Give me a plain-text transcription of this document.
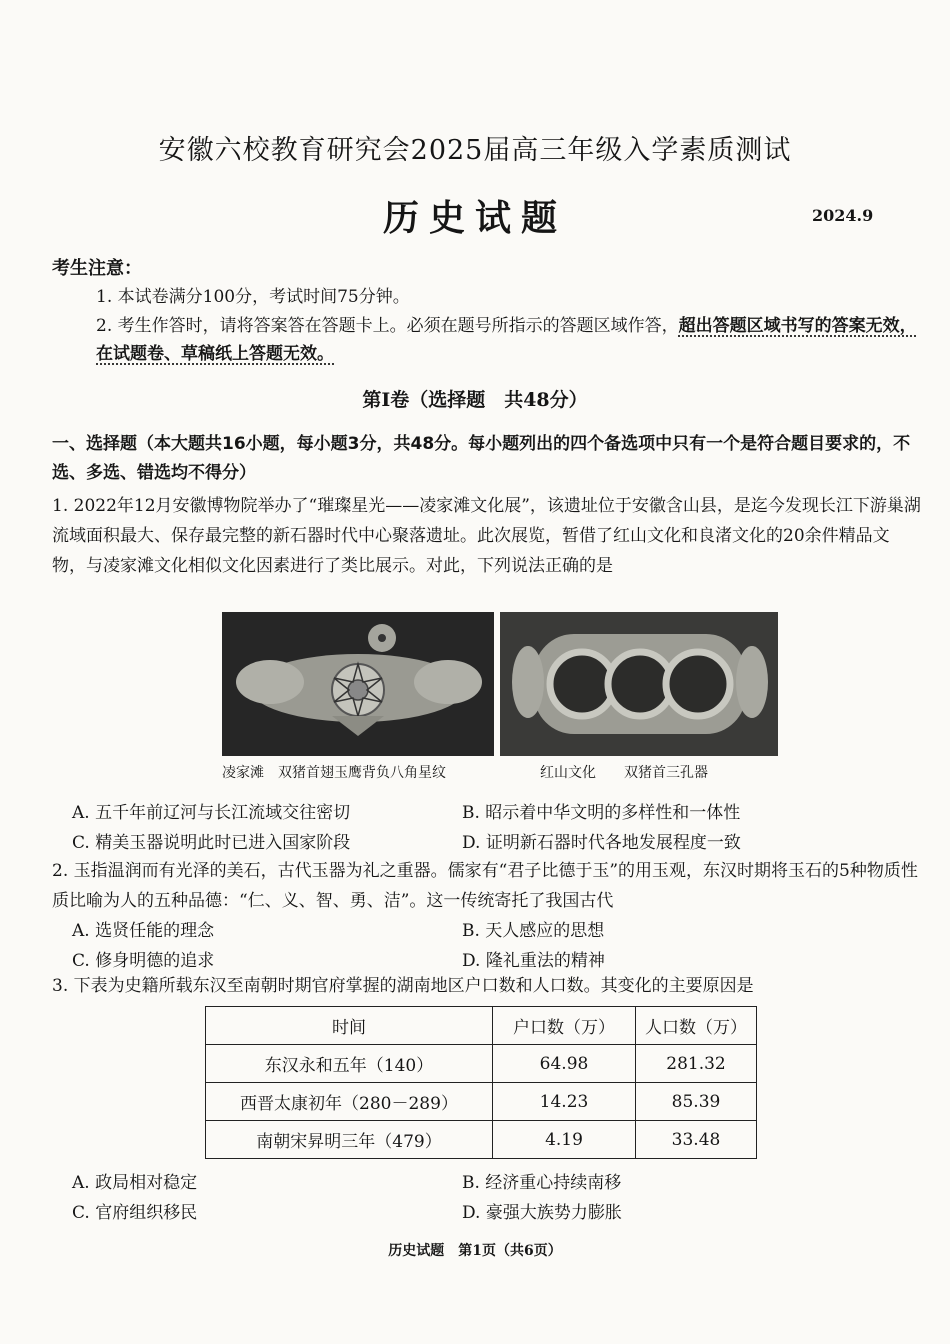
安徽六校教育研究会2025届高三年级入学素质测试
历史试题	2024.9
考生注意：
1. 本试卷满分100分，考试时间75分钟。
2. 考生作答时，请将答案答在答题卡上。必须在题号所指示的答题区域作答，超出答题区域书写的答案无效，在试题卷、草稿纸上答题无效。
第Ⅰ卷（选择题　共48分）
一、选择题（本大题共16小题，每小题3分，共48分。每小题列出的四个备选项中只有一个是符合题目要求的，不选、多选、错选均不得分）
1. 2022年12月安徽博物院举办了“璀璨星光——凌家滩文化展”，该遗址位于安徽含山县，是迄今发现长江下游巢湖流域面积最大、保存最完整的新石器时代中心聚落遗址。此次展览，暂借了红山文化和良渚文化的20余件精品文物，与凌家滩文化相似文化因素进行了类比展示。对此，下列说法正确的是
凌家滩　双猪首翅玉鹰背负八角星纹	红山文化　　双猪首三孔器
A. 五千年前辽河与长江流域交往密切	B. 昭示着中华文明的多样性和一体性
C. 精美玉器说明此时已进入国家阶段	D. 证明新石器时代各地发展程度一致
2. 玉指温润而有光泽的美石，古代玉器为礼之重器。儒家有“君子比德于玉”的用玉观，东汉时期将玉石的5种物质性质比喻为人的五种品德：“仁、义、智、勇、洁”。这一传统寄托了我国古代
A. 选贤任能的理念	B. 天人感应的思想
C. 修身明德的追求	D. 隆礼重法的精神
3. 下表为史籍所载东汉至南朝时期官府掌握的湖南地区户口数和人口数。其变化的主要原因是
时间	户口数（万）	人口数（万）
东汉永和五年（140）	64.98	281.32
西晋太康初年（280－289）	14.23	85.39
南朝宋昇明三年（479）	4.19	33.48
A. 政局相对稳定	B. 经济重心持续南移
C. 官府组织移民	D. 豪强大族势力膨胀
历史试题　第1页（共6页）
